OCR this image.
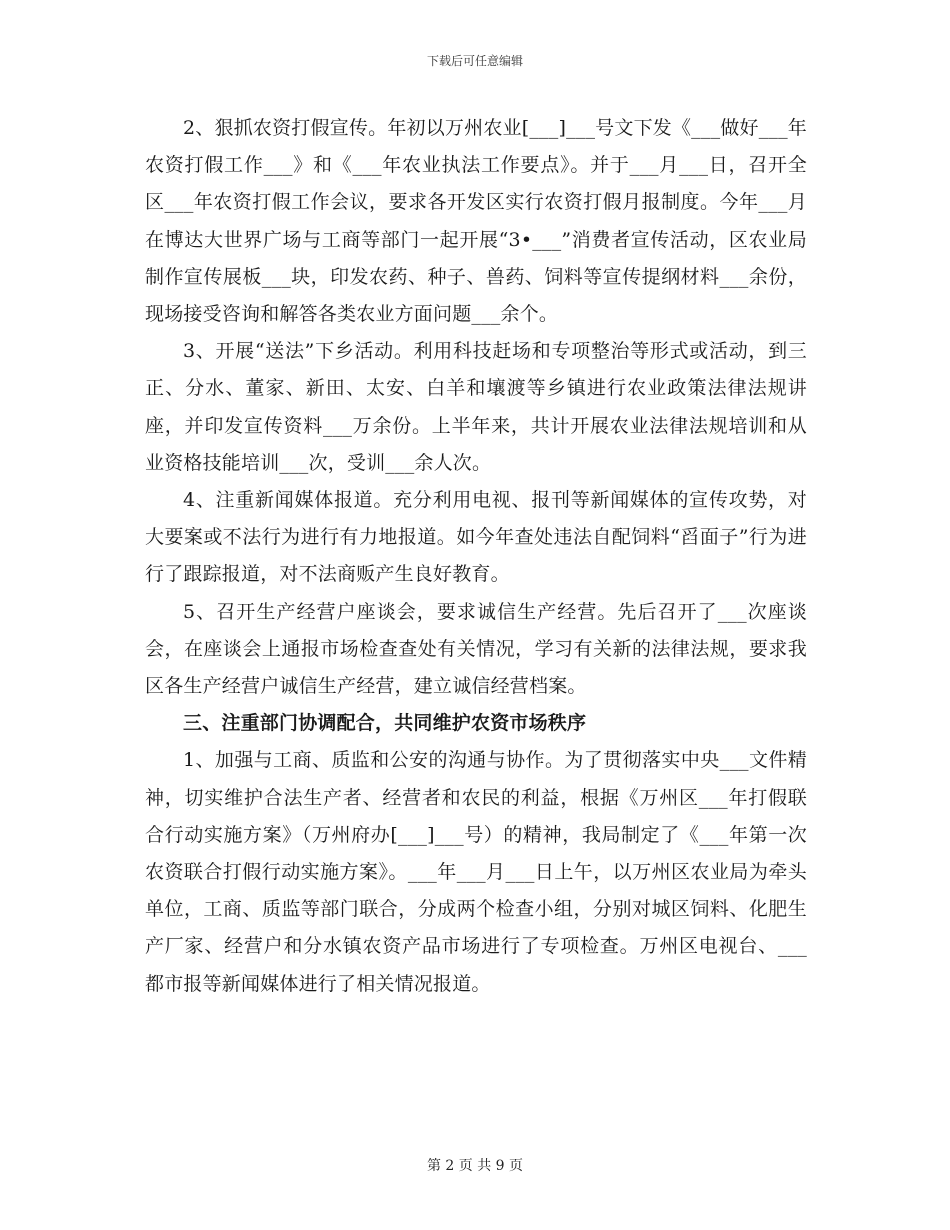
下载后可任意编辑

2、狠抓农资打假宣传。年初以万州农业[___]___号文下发《___做好___年农资打假工作___》和《___年农业执法工作要点》。并于___月___日，召开全区___年农资打假工作会议，要求各开发区实行农资打假月报制度。今年___月在博达大世界广场与工商等部门一起开展“3•___”消费者宣传活动，区农业局制作宣传展板___块，印发农药、种子、兽药、饲料等宣传提纲材料___余份，现场接受咨询和解答各类农业方面问题___余个。

3、开展“送法”下乡活动。利用科技赶场和专项整治等形式或活动，到三正、分水、董家、新田、太安、白羊和壤渡等乡镇进行农业政策法律法规讲座，并印发宣传资料___万余份。上半年来，共计开展农业法律法规培训和从业资格技能培训___次，受训___余人次。

4、注重新闻媒体报道。充分利用电视、报刊等新闻媒体的宣传攻势，对大要案或不法行为进行有力地报道。如今年查处违法自配饲料“舀面子”行为进行了跟踪报道，对不法商贩产生良好教育。

5、召开生产经营户座谈会，要求诚信生产经营。先后召开了___次座谈会，在座谈会上通报市场检查查处有关情况，学习有关新的法律法规，要求我区各生产经营户诚信生产经营，建立诚信经营档案。

三、注重部门协调配合，共同维护农资市场秩序

1、加强与工商、质监和公安的沟通与协作。为了贯彻落实中央___文件精神，切实维护合法生产者、经营者和农民的利益，根据《万州区___年打假联合行动实施方案》（万州府办[___]___号）的精神，我局制定了《___年第一次农资联合打假行动实施方案》。___年___月___日上午，以万州区农业局为牵头单位，工商、质监等部门联合，分成两个检查小组，分别对城区饲料、化肥生产厂家、经营户和分水镇农资产品市场进行了专项检查。万州区电视台、___都市报等新闻媒体进行了相关情况报道。

第 2 页 共 9 页
